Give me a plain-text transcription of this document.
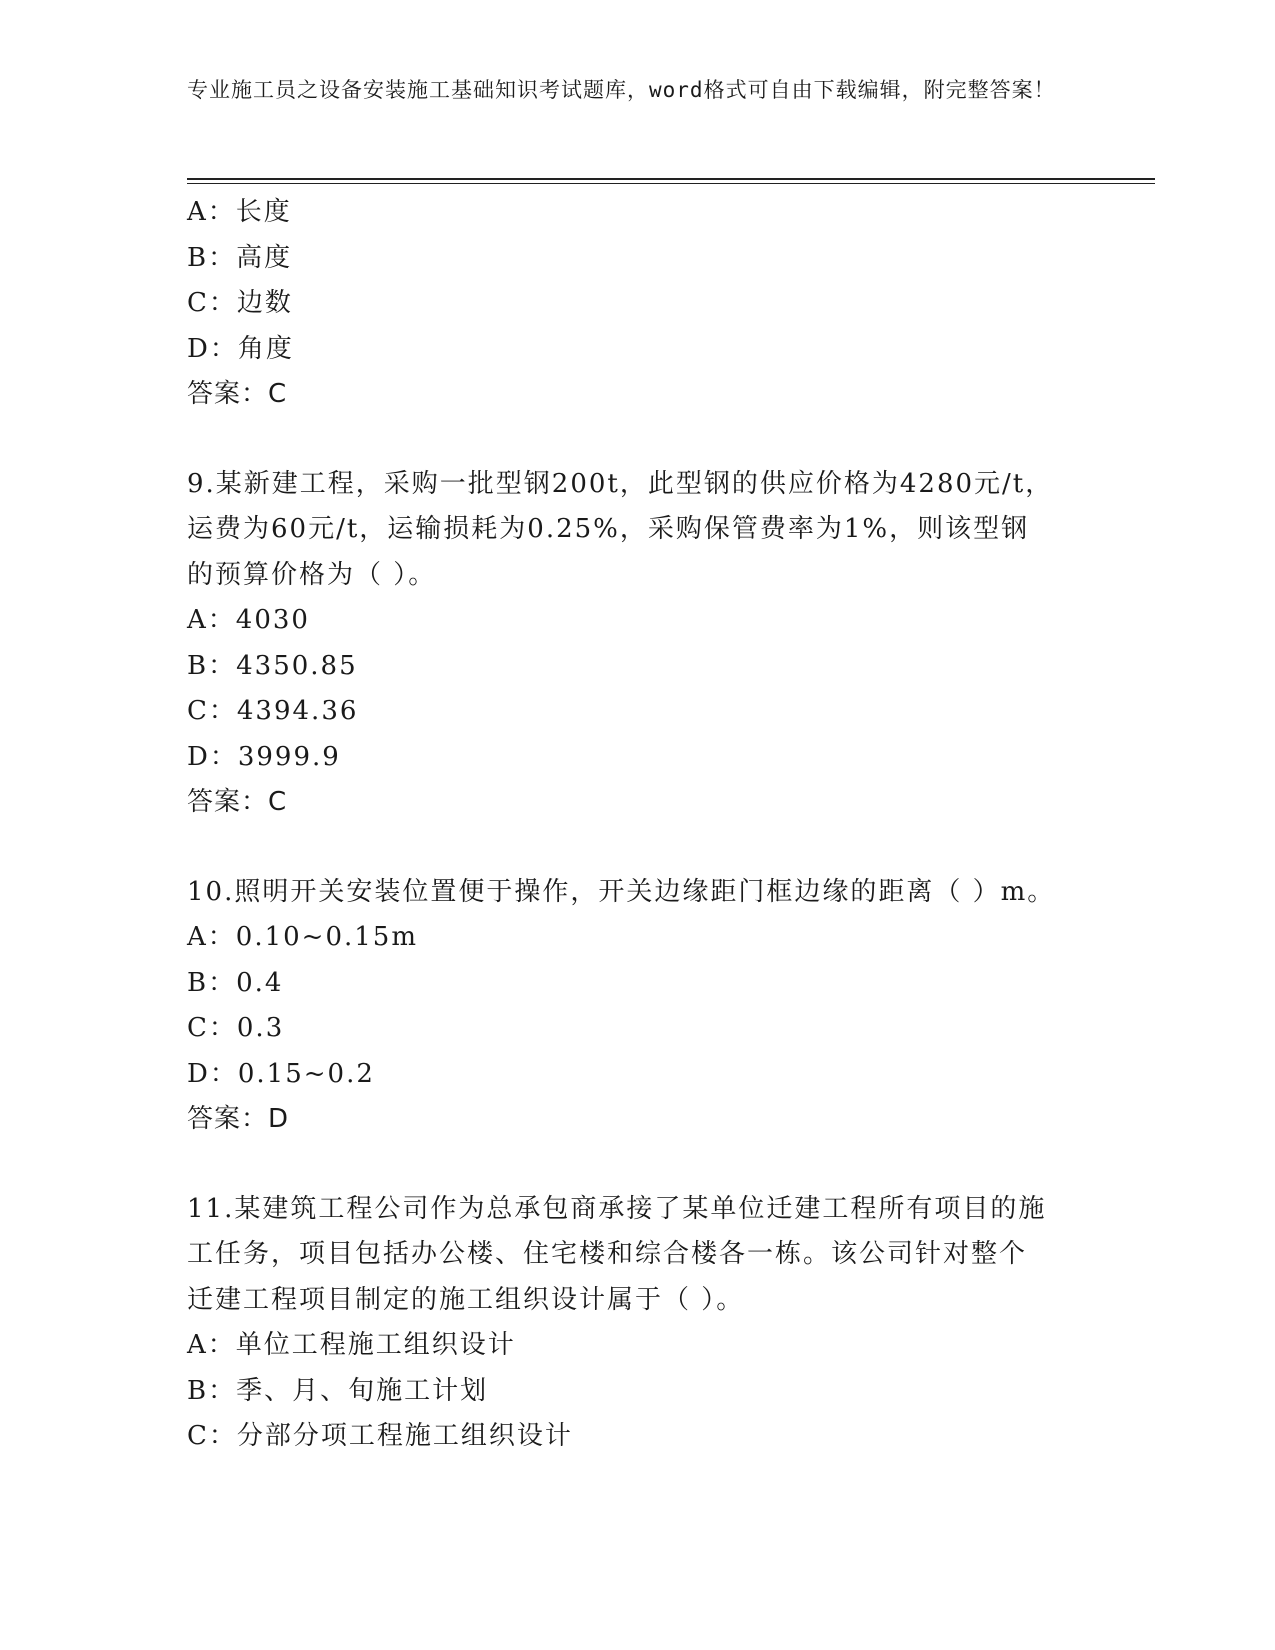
专业施工员之设备安装施工基础知识考试题库，word格式可自由下载编辑，附完整答案！
A：长度
B：高度
C：边数
D：角度
答案：C
9.某新建工程，采购一批型钢200t，此型钢的供应价格为4280元/t，
运费为60元/t，运输损耗为0.25%，采购保管费率为1%，则该型钢
的预算价格为（ ）。
A：4030
B：4350.85
C：4394.36
D：3999.9
答案：C
10.照明开关安装位置便于操作，开关边缘距门框边缘的距离（ ）m。
A：0.10~0.15m
B：0.4
C：0.3
D：0.15~0.2
答案：D
11.某建筑工程公司作为总承包商承接了某单位迁建工程所有项目的施
工任务，项目包括办公楼、住宅楼和综合楼各一栋。该公司针对整个
迁建工程项目制定的施工组织设计属于（ ）。
A：单位工程施工组织设计
B：季、月、旬施工计划
C：分部分项工程施工组织设计
